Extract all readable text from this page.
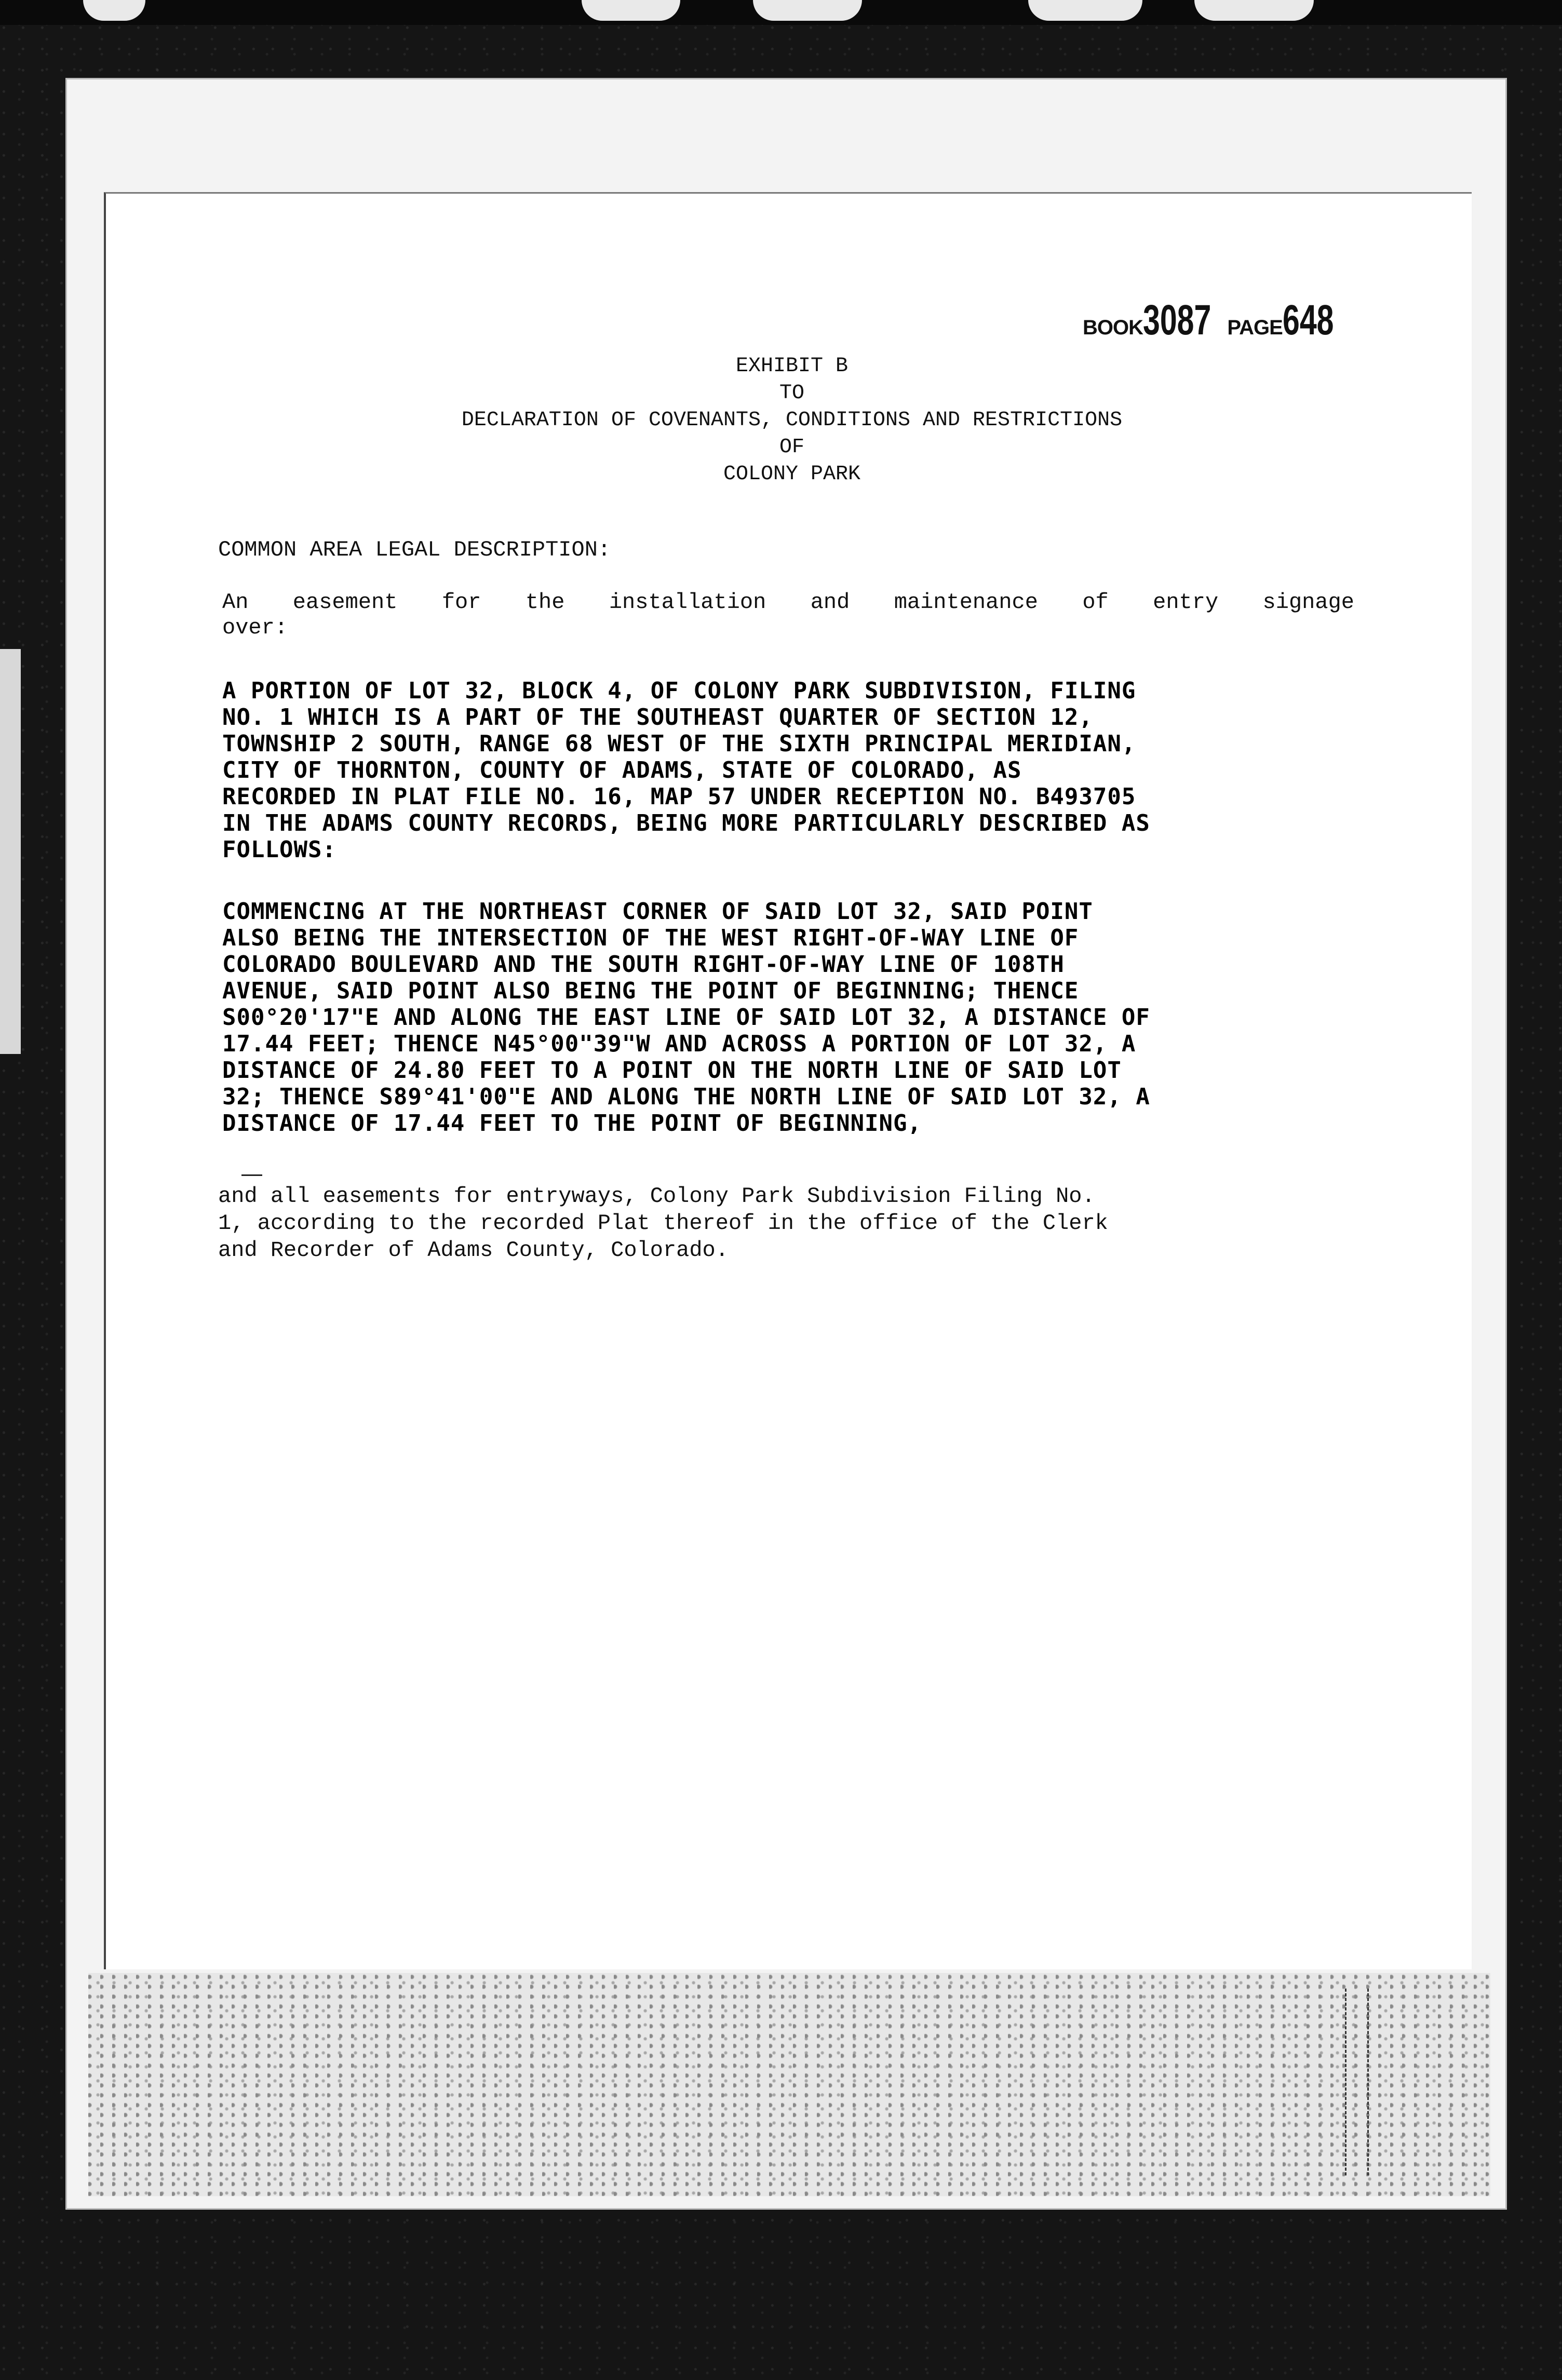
BOOK3087 PAGE648
EXHIBIT B
TO
DECLARATION OF COVENANTS, CONDITIONS AND RESTRICTIONS
OF
COLONY PARK
COMMON AREA LEGAL DESCRIPTION:
An easement for the installation and maintenance of entry signage
over:
A PORTION OF LOT 32, BLOCK 4, OF COLONY PARK SUBDIVISION, FILING
NO. 1 WHICH IS A PART OF THE SOUTHEAST QUARTER OF SECTION 12,
TOWNSHIP 2 SOUTH, RANGE 68 WEST OF THE SIXTH PRINCIPAL MERIDIAN,
CITY OF THORNTON, COUNTY OF ADAMS, STATE OF COLORADO, AS
RECORDED IN PLAT FILE NO. 16, MAP 57 UNDER RECEPTION NO. B493705
IN THE ADAMS COUNTY RECORDS, BEING MORE PARTICULARLY DESCRIBED AS
FOLLOWS:
COMMENCING AT THE NORTHEAST CORNER OF SAID LOT 32, SAID POINT
ALSO BEING THE INTERSECTION OF THE WEST RIGHT-OF-WAY LINE OF
COLORADO BOULEVARD AND THE SOUTH RIGHT-OF-WAY LINE OF 108TH
AVENUE, SAID POINT ALSO BEING THE POINT OF BEGINNING; THENCE
S00°20'17"E AND ALONG THE EAST LINE OF SAID LOT 32, A DISTANCE OF
17.44 FEET; THENCE N45°00"39"W AND ACROSS A PORTION OF LOT 32, A
DISTANCE OF 24.80 FEET TO A POINT ON THE NORTH LINE OF SAID LOT
32; THENCE S89°41'00"E AND ALONG THE NORTH LINE OF SAID LOT 32, A
DISTANCE OF 17.44 FEET TO THE POINT OF BEGINNING,
and all easements for entryways, Colony Park Subdivision Filing No.
1, according to the recorded Plat thereof in the office of the Clerk
and Recorder of Adams County, Colorado.
